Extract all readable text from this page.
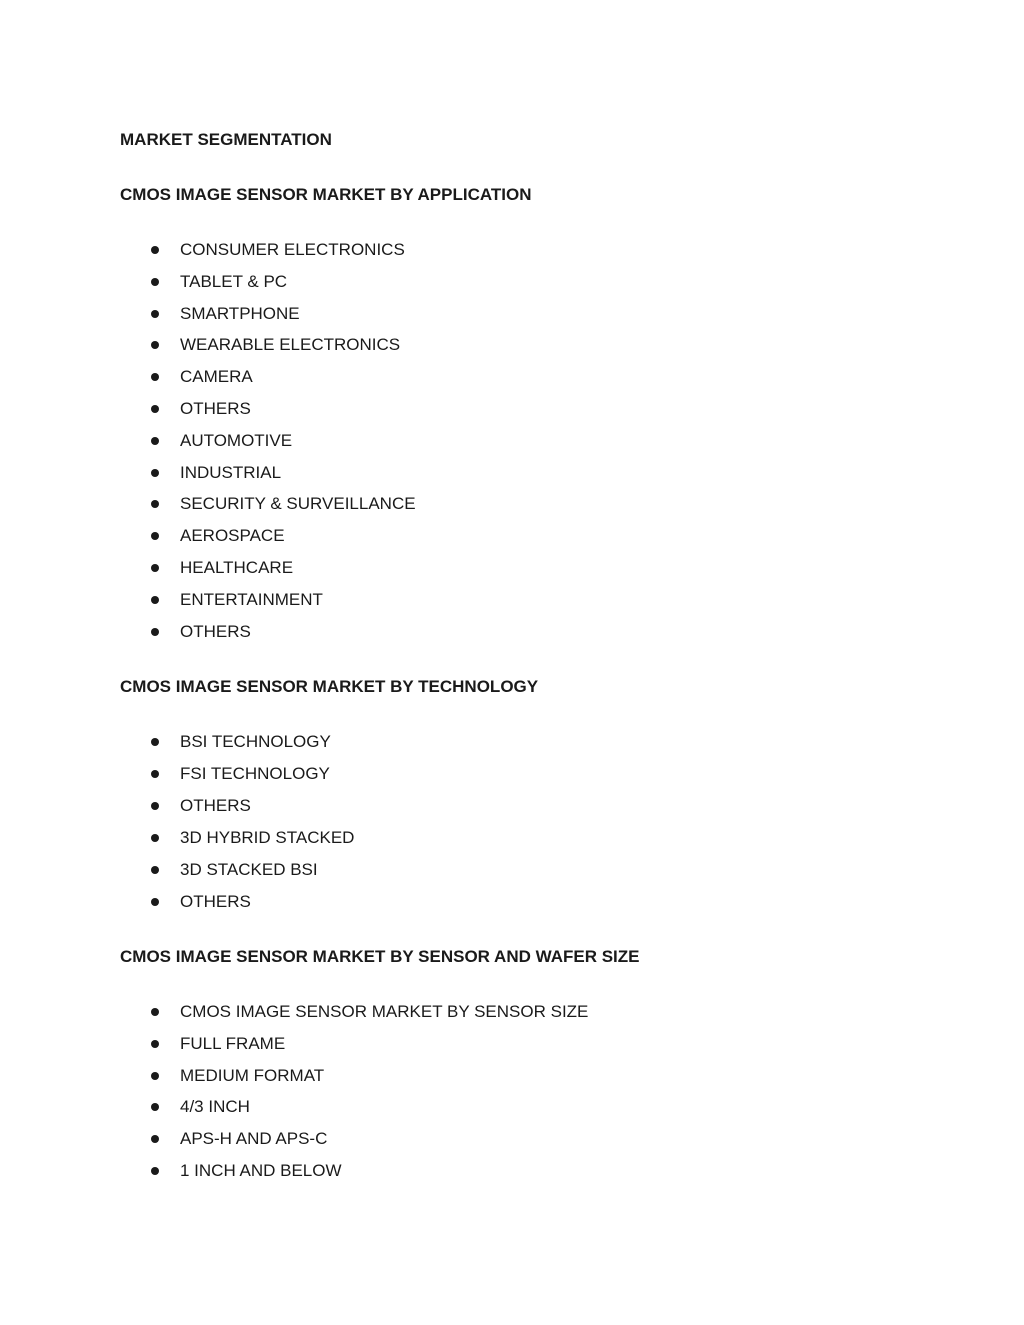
MARKET SEGMENTATION
CMOS IMAGE SENSOR MARKET BY APPLICATION
CONSUMER ELECTRONICS
TABLET & PC
SMARTPHONE
WEARABLE ELECTRONICS
CAMERA
OTHERS
AUTOMOTIVE
INDUSTRIAL
SECURITY & SURVEILLANCE
AEROSPACE
HEALTHCARE
ENTERTAINMENT
OTHERS
CMOS IMAGE SENSOR MARKET BY TECHNOLOGY
BSI TECHNOLOGY
FSI TECHNOLOGY
OTHERS
3D HYBRID STACKED
3D STACKED BSI
OTHERS
CMOS IMAGE SENSOR MARKET BY SENSOR AND WAFER SIZE
CMOS IMAGE SENSOR MARKET BY SENSOR SIZE
FULL FRAME
MEDIUM FORMAT
4/3 INCH
APS-H AND APS-C
1 INCH AND BELOW
